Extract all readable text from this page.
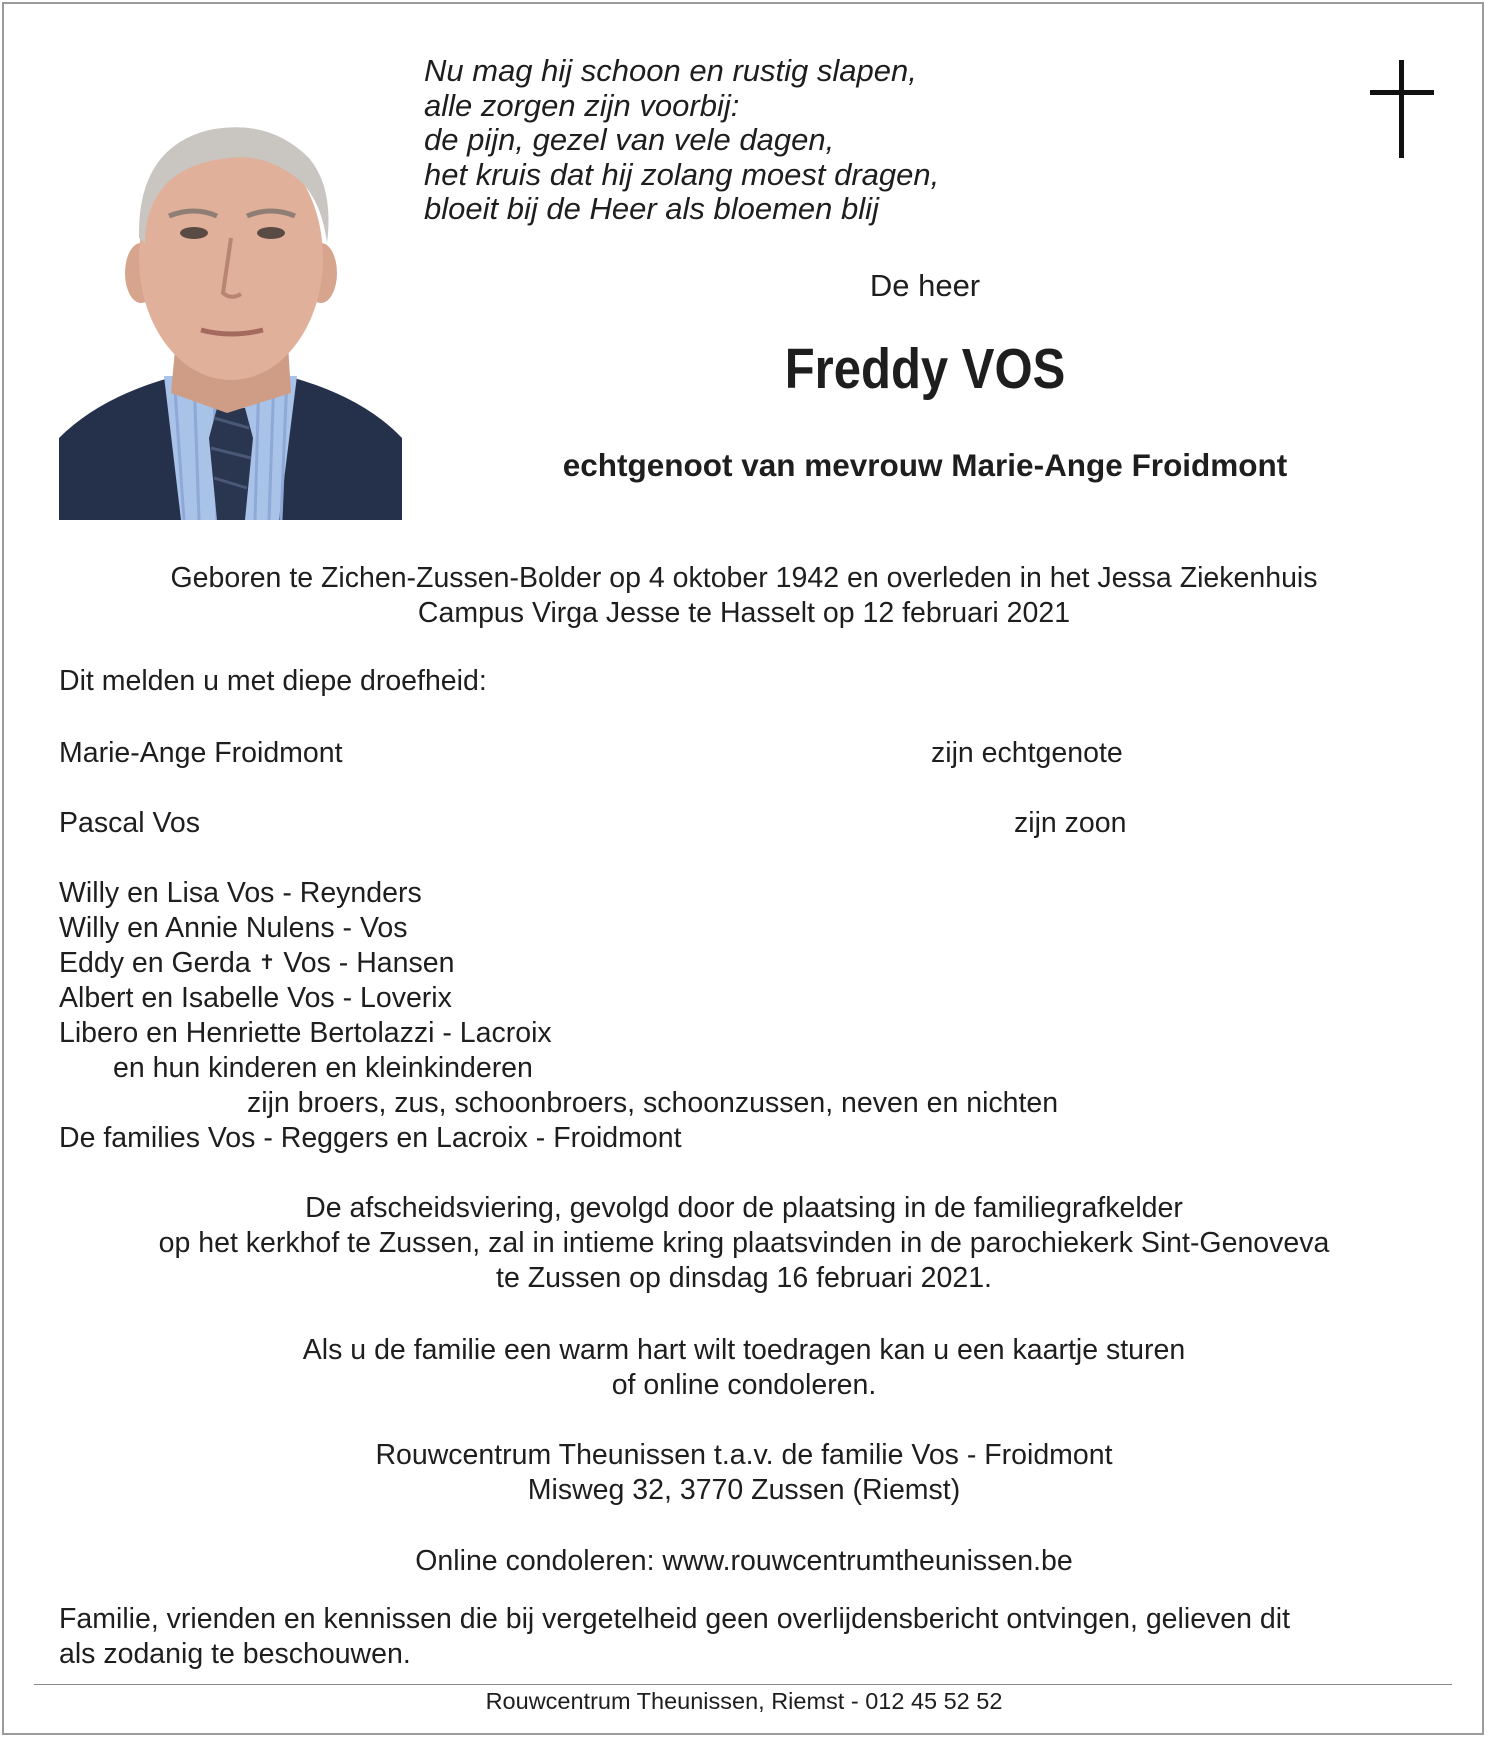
Nu mag hij schoon en rustig slapen,
alle zorgen zijn voorbij:
de pijn, gezel van vele dagen,
het kruis dat hij zolang moest dragen,
bloeit bij de Heer als bloemen blij
De heer
Freddy VOS
echtgenoot van mevrouw Marie-Ange Froidmont
Geboren te Zichen-Zussen-Bolder op 4 oktober 1942 en overleden in het Jessa Ziekenhuis
Campus Virga Jesse te Hasselt op 12 februari 2021
Dit melden u met diepe droefheid:
Marie-Ange Froidmont	zijn echtgenote
Pascal Vos	zijn zoon
Willy en Lisa Vos - Reynders
Willy en Annie Nulens - Vos
Eddy en Gerda ✝ Vos - Hansen
Albert en Isabelle Vos - Loverix
Libero en Henriette Bertolazzi - Lacroix
en hun kinderen en kleinkinderen
zijn broers, zus, schoonbroers, schoonzussen, neven en nichten
De families Vos - Reggers en Lacroix - Froidmont
De afscheidsviering, gevolgd door de plaatsing in de familiegrafkelder
op het kerkhof te Zussen, zal in intieme kring plaatsvinden in de parochiekerk Sint-Genoveva
te Zussen op dinsdag 16 februari 2021.
Als u de familie een warm hart wilt toedragen kan u een kaartje sturen
of online condoleren.
Rouwcentrum Theunissen t.a.v. de familie Vos - Froidmont
Misweg 32, 3770 Zussen (Riemst)
Online condoleren: www.rouwcentrumtheunissen.be
Familie, vrienden en kennissen die bij vergetelheid geen overlijdensbericht ontvingen, gelieven dit
als zodanig te beschouwen.
Rouwcentrum Theunissen, Riemst - 012 45 52 52
